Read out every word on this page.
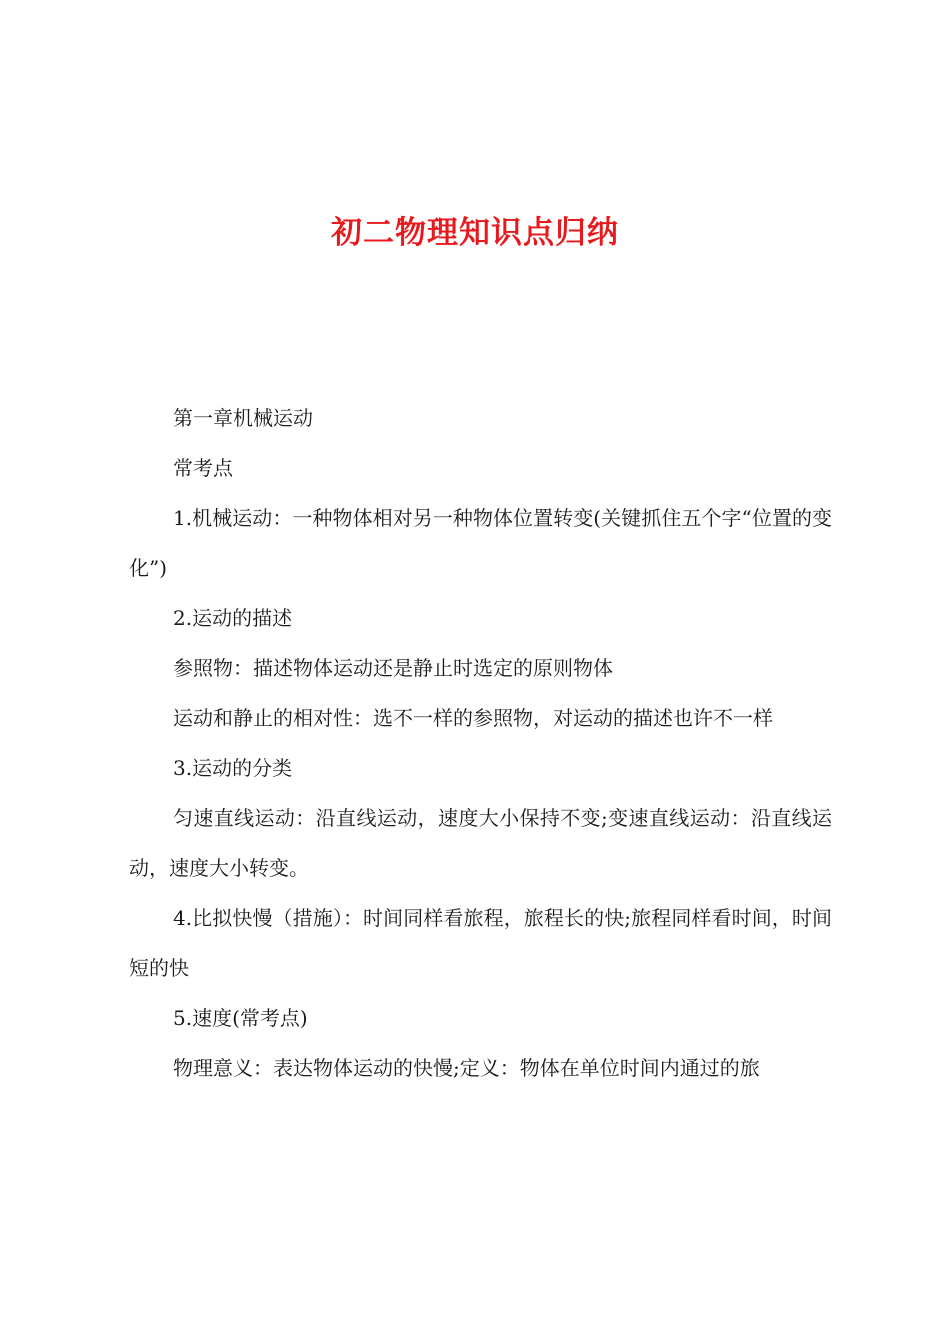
初二物理知识点归纳

第一章机械运动

常考点

1.机械运动：一种物体相对另一种物体位置转变(关键抓住五个字“位置的变化”)

2.运动的描述

参照物：描述物体运动还是静止时选定的原则物体

运动和静止的相对性：选不一样的参照物，对运动的描述也许不一样

3.运动的分类

匀速直线运动：沿直线运动，速度大小保持不变;变速直线运动：沿直线运动，速度大小转变。

4.比拟快慢（措施）：时间同样看旅程，旅程长的快;旅程同样看时间，时间短的快

5.速度(常考点)

物理意义：表达物体运动的快慢;定义：物体在单位时间内通过的旅
